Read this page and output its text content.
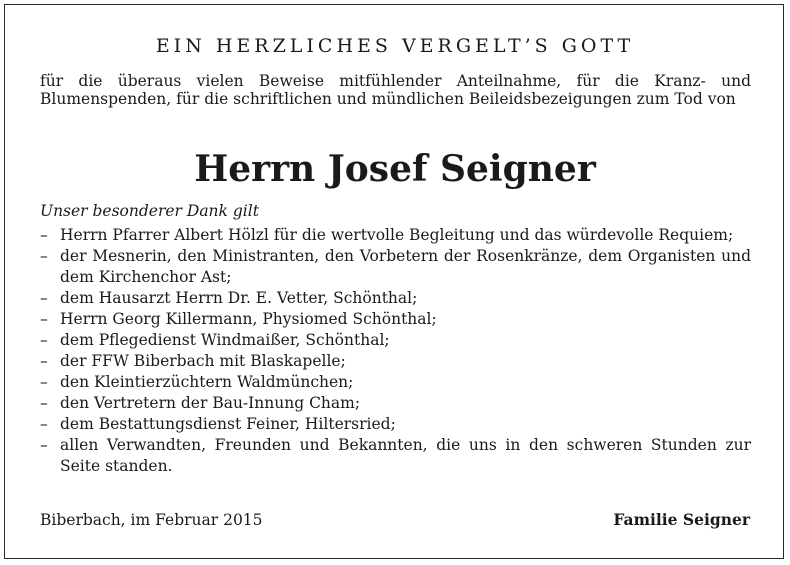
EIN HERZLICHES VERGELT’S GOTT

für die überaus vielen Beweise mitfühlender Anteilnahme, für die Kranz- und Blumenspenden, für die schriftlichen und mündlichen Beileidsbezeigungen zum Tod von

Herrn Josef Seigner
Unser besonderer Dank gilt
– Herrn Pfarrer Albert Hölzl für die wertvolle Begleitung und das würdevolle Requiem;
– der Mesnerin, den Ministranten, den Vorbetern der Rosenkränze, dem Organisten und dem Kirchenchor Ast;
– dem Hausarzt Herrn Dr. E. Vetter, Schönthal;
– Herrn Georg Killermann, Physiomed Schönthal;
– dem Pflegedienst Windmaißer, Schönthal;
– der FFW Biberbach mit Blaskapelle;
– den Kleintierzüchtern Waldmünchen;
– den Vertretern der Bau-Innung Cham;
– dem Bestattungsdienst Feiner, Hiltersried;
– allen Verwandten, Freunden und Bekannten, die uns in den schweren Stunden zur Seite standen.
Biberbach, im Februar 2015	Familie Seigner
